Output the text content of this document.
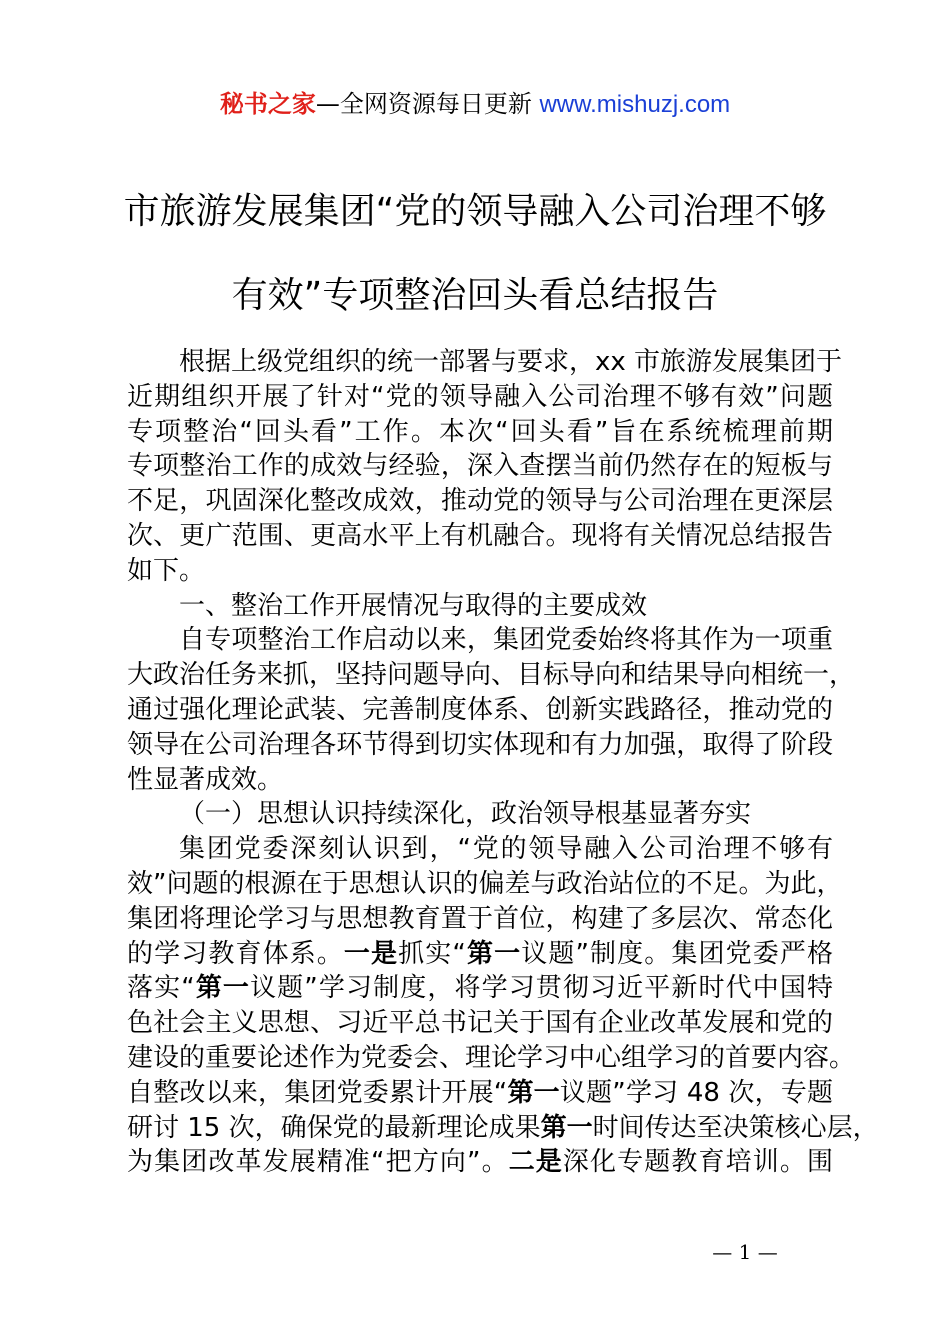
秘书之家—全网资源每日更新 www.mishuzj.com
市旅游发展集团“党的领导融入公司治理不够
有效”专项整治回头看总结报告
根据上级党组织的统一部署与要求，xx 市旅游发展集团于
近期组织开展了针对“党的领导融入公司治理不够有效”问题
专项整治“回头看”工作。本次“回头看”旨在系统梳理前期
专项整治工作的成效与经验，深入查摆当前仍然存在的短板与
不足，巩固深化整改成效，推动党的领导与公司治理在更深层
次、更广范围、更高水平上有机融合。现将有关情况总结报告
如下。
一、整治工作开展情况与取得的主要成效
自专项整治工作启动以来，集团党委始终将其作为一项重
大政治任务来抓，坚持问题导向、目标导向和结果导向相统一，
通过强化理论武装、完善制度体系、创新实践路径，推动党的
领导在公司治理各环节得到切实体现和有力加强，取得了阶段
性显著成效。
（一）思想认识持续深化，政治领导根基显著夯实
集团党委深刻认识到，“党的领导融入公司治理不够有
效”问题的根源在于思想认识的偏差与政治站位的不足。为此，
集团将理论学习与思想教育置于首位，构建了多层次、常态化
的学习教育体系。一是抓实“第一议题”制度。集团党委严格
落实“第一议题”学习制度，将学习贯彻习近平新时代中国特
色社会主义思想、习近平总书记关于国有企业改革发展和党的
建设的重要论述作为党委会、理论学习中心组学习的首要内容。
自整改以来，集团党委累计开展“第一议题”学习 48 次，专题
研讨 15 次，确保党的最新理论成果第一时间传达至决策核心层，
为集团改革发展精准“把方向”。二是深化专题教育培训。围
— 1 —
